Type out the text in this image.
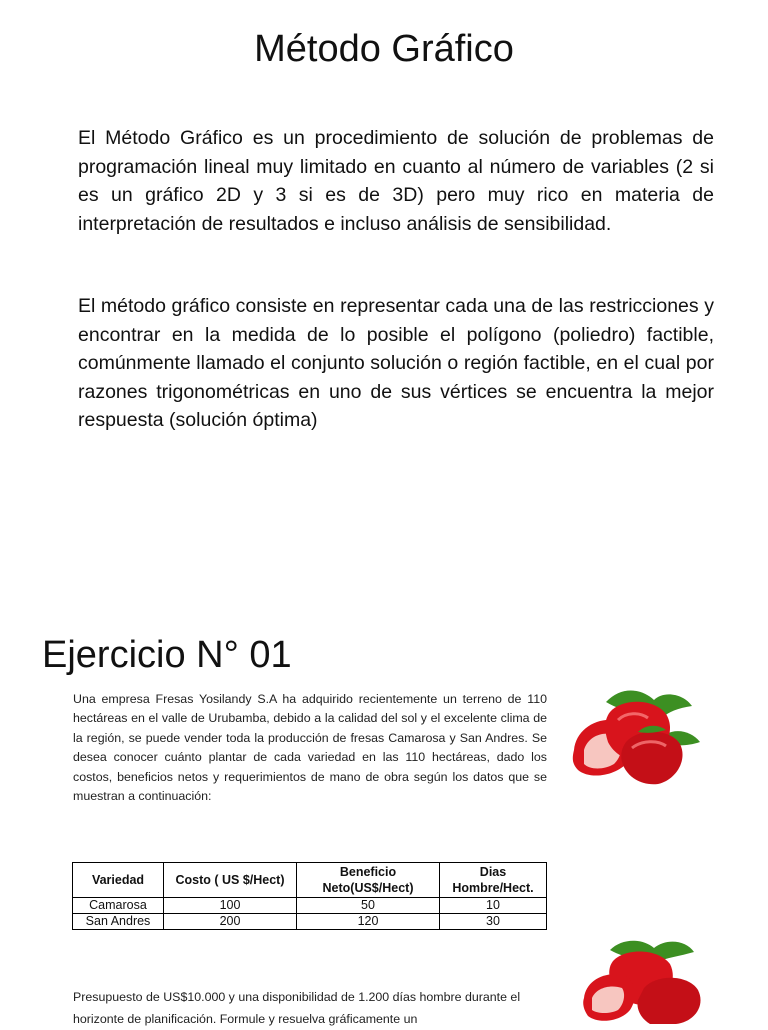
Método Gráfico
El Método Gráfico es un procedimiento de solución de problemas de programación lineal muy limitado en cuanto al número de variables (2 si es un gráfico 2D y 3 si es de 3D) pero muy rico en materia de interpretación de resultados e incluso análisis de sensibilidad.
El método gráfico consiste en representar cada una de las restricciones y encontrar en la medida de lo posible el polígono (poliedro) factible, comúnmente llamado el conjunto solución o región factible, en el cual por razones trigonométricas en uno de sus vértices se encuentra la mejor respuesta (solución óptima)
Ejercicio N° 01
Una empresa Fresas Yosilandy S.A ha adquirido recientemente un terreno de 110 hectáreas en el valle de Urubamba, debido a la calidad del sol y el excelente clima de la región, se puede vender toda la producción de fresas Camarosa y San Andres. Se desea conocer cuánto plantar de cada variedad en las 110 hectáreas, dado los costos, beneficios netos y requerimientos de mano de obra según los datos que se muestran a continuación:
Variedad	Costo ( US $/Hect)	Beneficio Neto(US$/Hect)	Dias Hombre/Hect.
Camarosa	100	50	10
San Andres	200	120	30
Presupuesto de US$10.000 y una disponibilidad de 1.200 días hombre durante el horizonte de planificación. Formule y resuelva gráficamente un
